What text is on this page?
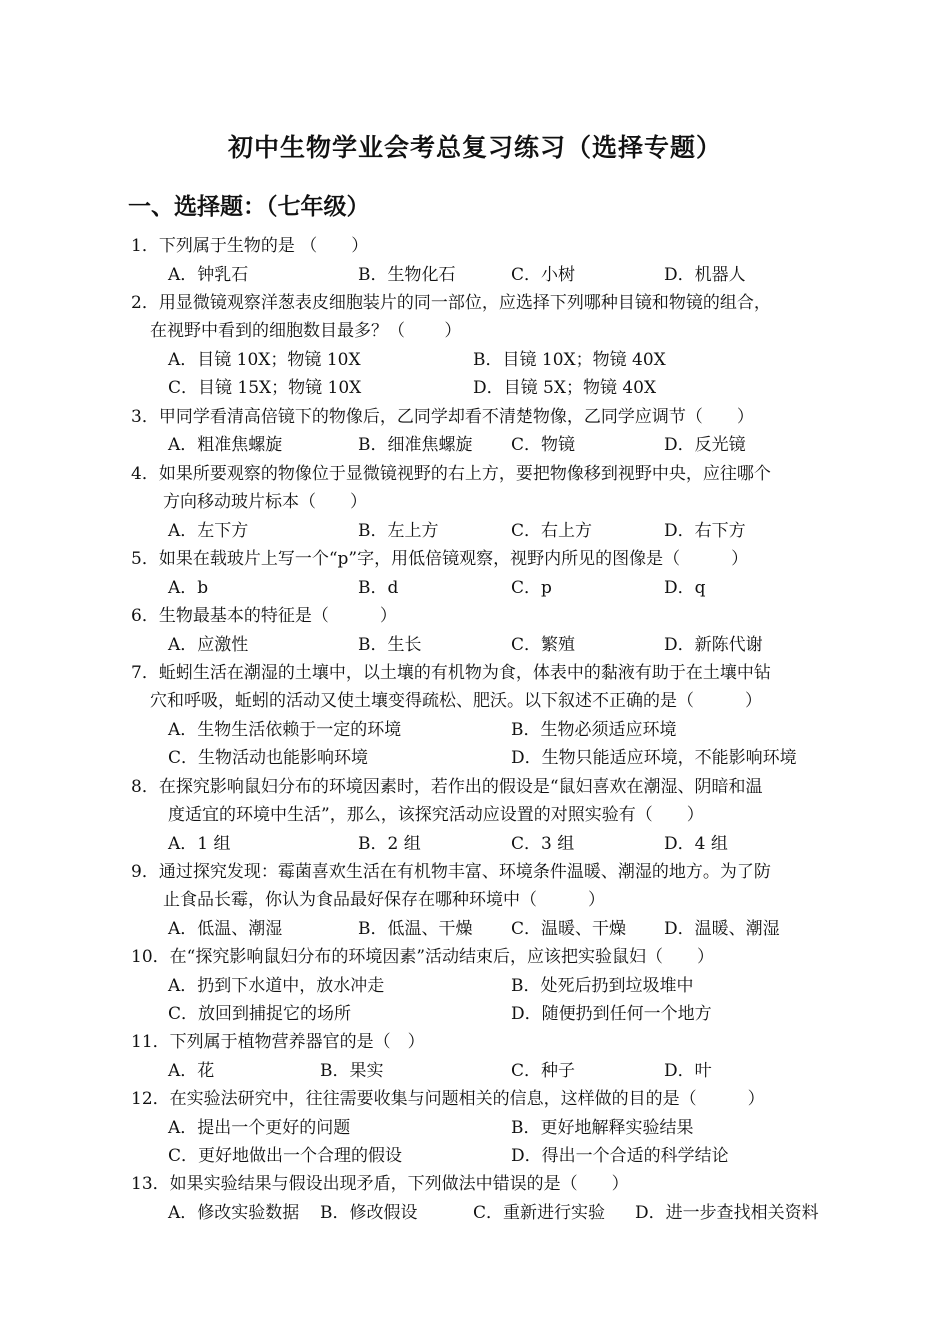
初中生物学业会考总复习练习（选择专题）
一、选择题：（七年级）
1．下列属于生物的是 （　　）
A．钟乳石	B．生物化石	C．小树	D．机器人
2．用显微镜观察洋葱表皮细胞装片的同一部位，应选择下列哪种目镜和物镜的组合，
在视野中看到的细胞数目最多？（　　 ）
A．目镜 10X；物镜 10X	B．目镜 10X；物镜 40X
C．目镜 15X；物镜 10X	D．目镜 5X；物镜 40X
3．甲同学看清高倍镜下的物像后，乙同学却看不清楚物像，乙同学应调节（　　）
A．粗准焦螺旋	B．细准焦螺旋 C．物镜	D．反光镜
4．如果所要观察的物像位于显微镜视野的右上方，要把物像移到视野中央，应往哪个
方向移动玻片标本（　　）
A．左下方	B．左上方	C．右上方	D．右下方
5．如果在载玻片上写一个“p”字，用低倍镜观察，视野内所见的图像是（　　　）
A．b	B．d	C．p	D．q
6．生物最基本的特征是（　　　）
A．应激性	B．生长	C．繁殖	D．新陈代谢
7．蚯蚓生活在潮湿的土壤中，以土壤的有机物为食，体表中的黏液有助于在土壤中钻
穴和呼吸，蚯蚓的活动又使土壤变得疏松、肥沃。以下叙述不正确的是（　　　）
A．生物生活依赖于一定的环境	B．生物必须适应环境
C．生物活动也能影响环境	D．生物只能适应环境，不能影响环境
8．在探究影响鼠妇分布的环境因素时，若作出的假设是“鼠妇喜欢在潮湿、阴暗和温
度适宜的环境中生活”，那么，该探究活动应设置的对照实验有（　　）
A．1 组	B．2 组	C．3 组	D．4 组
9．通过探究发现：霉菌喜欢生活在有机物丰富、环境条件温暖、潮湿的地方。为了防
止食品长霉，你认为食品最好保存在哪种环境中（　　　）
A．低温、潮湿	B．低温、干燥 C．温暖、干燥 D．温暖、潮湿
10．在“探究影响鼠妇分布的环境因素”活动结束后，应该把实验鼠妇（　　）
A．扔到下水道中，放水冲走	B．处死后扔到垃圾堆中
C．放回到捕捉它的场所	D．随便扔到任何一个地方
11．下列属于植物营养器官的是（　）
A．花	B．果实	C．种子	D．叶
12．在实验法研究中，往往需要收集与问题相关的信息，这样做的目的是（　　　）
A．提出一个更好的问题	B．更好地解释实验结果
C．更好地做出一个合理的假设	D．得出一个合适的科学结论
13．如果实验结果与假设出现矛盾，下列做法中错误的是（　　）
A．修改实验数据 B．修改假设	C．重新进行实验 D．进一步查找相关资料
